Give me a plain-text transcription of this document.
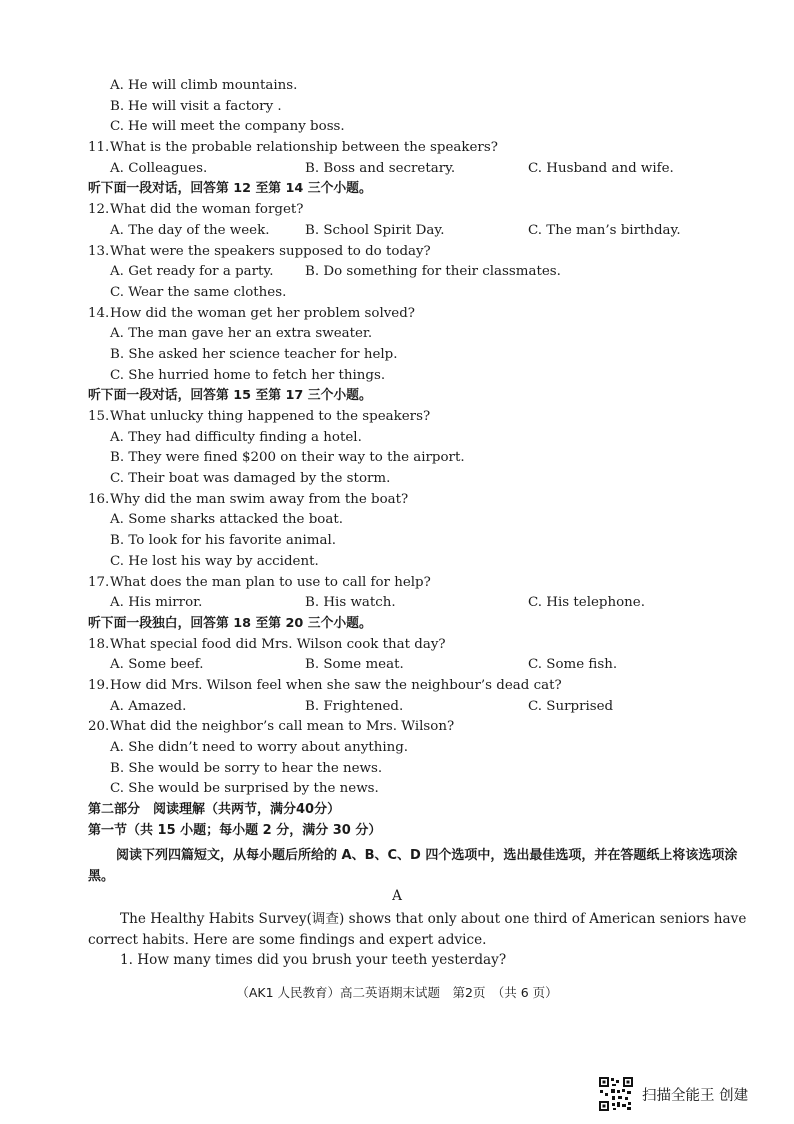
A. He will climb mountains.
B. He will visit a factory .
C. He will meet the company boss.
11. What is the probable relationship between the speakers?
A. Colleagues.	B. Boss and secretary.	C. Husband and wife.
听下面一段对话，回答第 12 至第 14 三个小题。
12. What did the woman forget?
A. The day of the week.	B. School Spirit Day.	C. The man’s birthday.
13. What were the speakers supposed to do today?
A. Get ready for a party. B. Do something for their classmates.
C. Wear the same clothes.
14. How did the woman get her problem solved?
A. The man gave her an extra sweater.
B. She asked her science teacher for help.
C. She hurried home to fetch her things.
听下面一段对话，回答第 15 至第 17 三个小题。
15. What unlucky thing happened to the speakers?
A. They had difficulty finding a hotel.
B. They were fined $200 on their way to the airport.
C. Their boat was damaged by the storm.
16. Why did the man swim away from the boat?
A. Some sharks attacked the boat.
B. To look for his favorite animal.
C. He lost his way by accident.
17. What does the man plan to use to call for help?
A. His mirror.	B. His watch.	C. His telephone.
听下面一段独白，回答第 18 至第 20 三个小题。
18. What special food did Mrs. Wilson cook that day?
A. Some beef.	B. Some meat.	C. Some fish.
19. How did Mrs. Wilson feel when she saw the neighbour’s dead cat?
A. Amazed.	B. Frightened.	C. Surprised
20. What did the neighbor’s call mean to Mrs. Wilson?
A. She didn’t need to worry about anything.
B. She would be sorry to hear the news.
C. She would be surprised by the news.
第二部分　阅读理解（共两节，满分40分）
第一节（共 15 小题；每小题 2 分，满分 30 分）
阅读下列四篇短文，从每小题后所给的 A、B、C、D 四个选项中，选出最佳选项，并在答题纸上将该选项涂黑。
A
The Healthy Habits Survey(调查) shows that only about one third of American seniors have correct habits. Here are some findings and expert advice.
1. How many times did you brush your teeth yesterday?
（AK1 人民教育）高二英语期末试题　第2页　（共 6 页）
扫描全能王 创建
